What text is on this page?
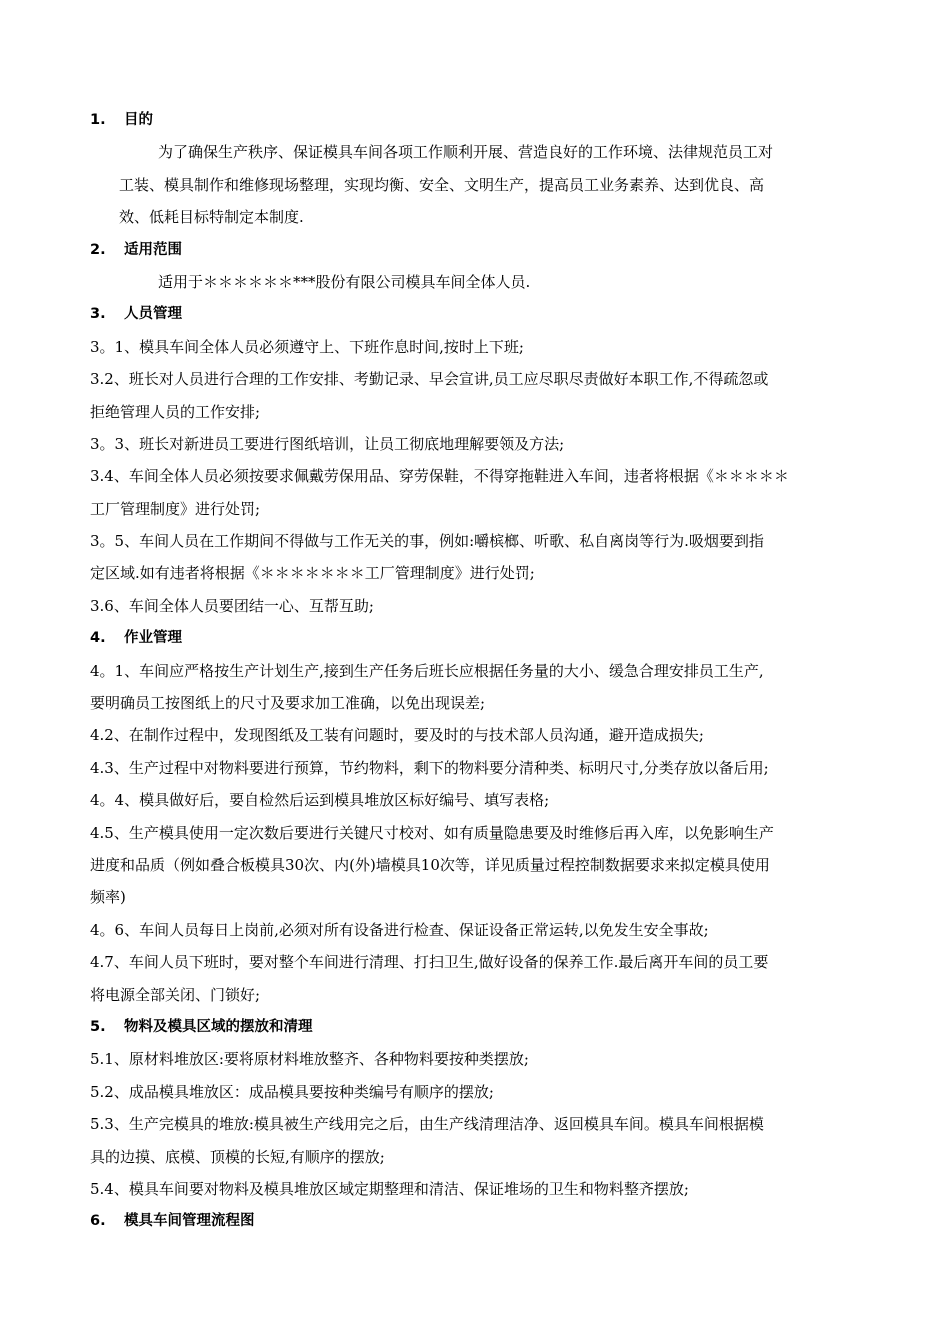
1. 目的
为了确保生产秩序、保证模具车间各项工作顺利开展、营造良好的工作环境、法律规范员工对
工装、模具制作和维修现场整理，实现均衡、安全、文明生产，提高员工业务素养、达到优良、高
效、低耗目标特制定本制度.
2. 适用范围
适用于＊＊＊＊＊＊***股份有限公司模具车间全体人员.
3. 人员管理
3。1、模具车间全体人员必须遵守上、下班作息时间,按时上下班;
3.2、班长对人员进行合理的工作安排、考勤记录、早会宣讲,员工应尽职尽责做好本职工作,不得疏忽或
拒绝管理人员的工作安排;
3。3、班长对新进员工要进行图纸培训，让员工彻底地理解要领及方法;
3.4、车间全体人员必须按要求佩戴劳保用品、穿劳保鞋，不得穿拖鞋进入车间，违者将根据《＊＊＊＊＊
工厂管理制度》进行处罚;
3。5、车间人员在工作期间不得做与工作无关的事，例如:嚼槟榔、听歌、私自离岗等行为.吸烟要到指
定区域.如有违者将根据《＊＊＊＊＊＊＊工厂管理制度》进行处罚;
3.6、车间全体人员要团结一心、互帮互助;
4. 作业管理
4。1、车间应严格按生产计划生产,接到生产任务后班长应根据任务量的大小、缓急合理安排员工生产,
要明确员工按图纸上的尺寸及要求加工准确，以免出现误差;
4.2、在制作过程中，发现图纸及工装有问题时，要及时的与技术部人员沟通，避开造成损失;
4.3、生产过程中对物料要进行预算，节约物料，剩下的物料要分清种类、标明尺寸,分类存放以备后用;
4。4、模具做好后，要自检然后运到模具堆放区标好编号、填写表格;
4.5、生产模具使用一定次数后要进行关键尺寸校对、如有质量隐患要及时维修后再入库，以免影响生产
进度和品质（例如叠合板模具30次、内(外)墙模具10次等，详见质量过程控制数据要求来拟定模具使用
频率)
4。6、车间人员每日上岗前,必须对所有设备进行检查、保证设备正常运转,以免发生安全事故;
4.7、车间人员下班时，要对整个车间进行清理、打扫卫生,做好设备的保养工作.最后离开车间的员工要
将电源全部关闭、门锁好;
5. 物料及模具区域的摆放和清理
5.1、原材料堆放区:要将原材料堆放整齐、各种物料要按种类摆放;
5.2、成品模具堆放区：成品模具要按种类编号有顺序的摆放;
5.3、生产完模具的堆放:模具被生产线用完之后，由生产线清理洁净、返回模具车间。模具车间根据模
具的边摸、底模、顶模的长短,有顺序的摆放;
5.4、模具车间要对物料及模具堆放区域定期整理和清洁、保证堆场的卫生和物料整齐摆放;
6. 模具车间管理流程图
